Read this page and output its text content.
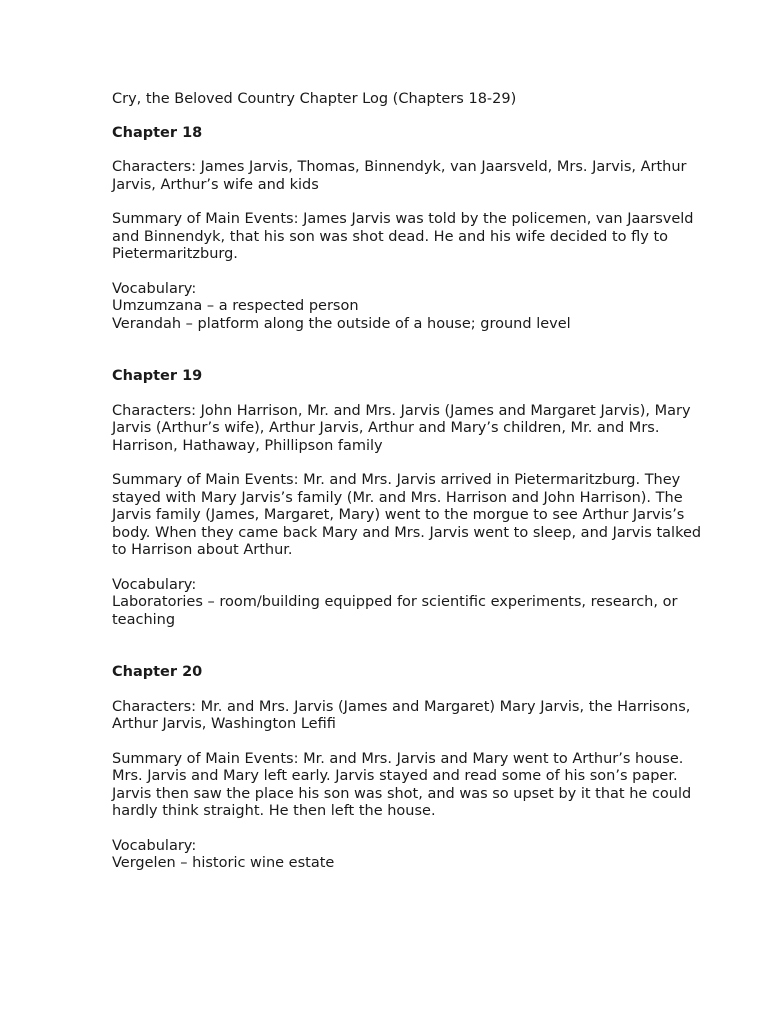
Cry, the Beloved Country Chapter Log (Chapters 18-29)

Chapter 18

Characters: James Jarvis, Thomas, Binnendyk, van Jaarsveld, Mrs. Jarvis, Arthur Jarvis, Arthur’s wife and kids

Summary of Main Events: James Jarvis was told by the policemen, van Jaarsveld and Binnendyk, that his son was shot dead. He and his wife decided to fly to Pietermaritzburg.

Vocabulary:
Umzumzana – a respected person
Verandah – platform along the outside of a house; ground level
Chapter 19

Characters: John Harrison, Mr. and Mrs. Jarvis (James and Margaret Jarvis), Mary Jarvis (Arthur’s wife), Arthur Jarvis, Arthur and Mary’s children, Mr. and Mrs. Harrison, Hathaway, Phillipson family

Summary of Main Events: Mr. and Mrs. Jarvis arrived in Pietermaritzburg. They stayed with Mary Jarvis’s family (Mr. and Mrs. Harrison and John Harrison). The Jarvis family (James, Margaret, Mary) went to the morgue to see Arthur Jarvis’s body. When they came back Mary and Mrs. Jarvis went to sleep, and Jarvis talked to Harrison about Arthur.

Vocabulary:
Laboratories – room/building equipped for scientific experiments, research, or teaching
Chapter 20

Characters: Mr. and Mrs. Jarvis (James and Margaret) Mary Jarvis, the Harrisons, Arthur Jarvis, Washington Lefifi

Summary of Main Events: Mr. and Mrs. Jarvis and Mary went to Arthur’s house. Mrs. Jarvis and Mary left early. Jarvis stayed and read some of his son’s paper. Jarvis then saw the place his son was shot, and was so upset by it that he could hardly think straight. He then left the house.

Vocabulary:
Vergelen – historic wine estate
